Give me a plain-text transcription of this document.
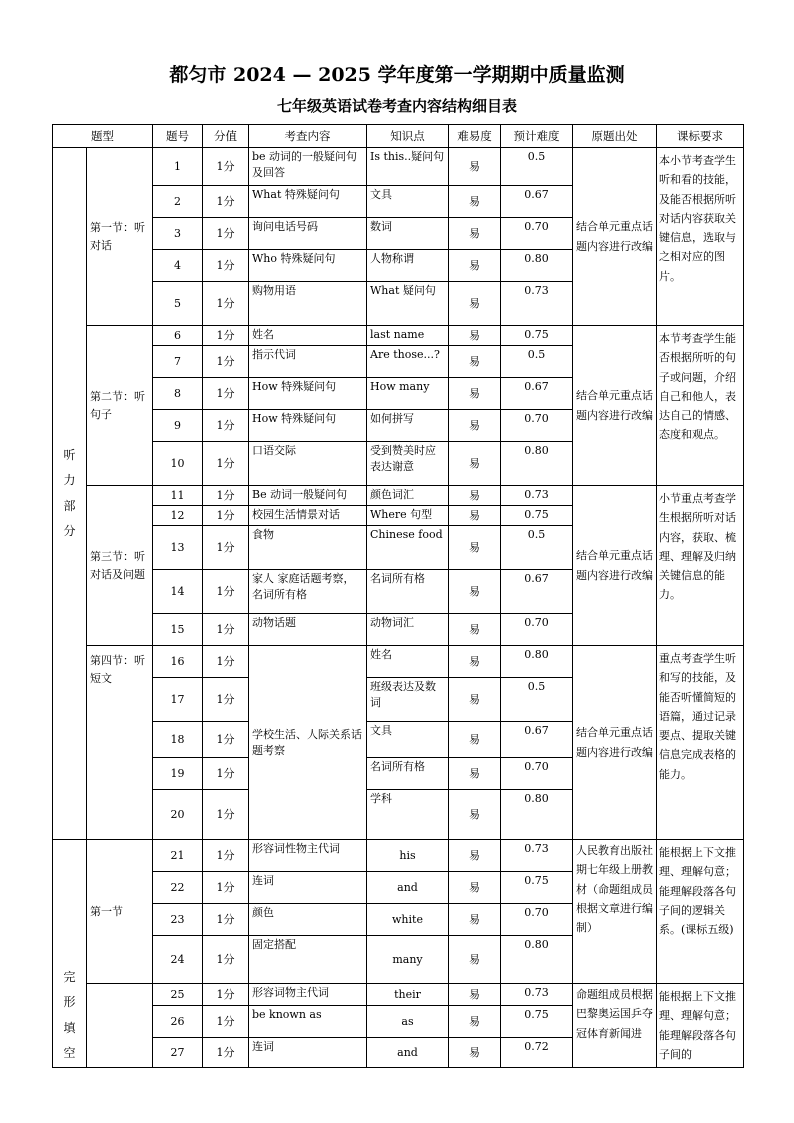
都匀市 2024 — 2025 学年度第一学期期中质量监测
七年级英语试卷考查内容结构细目表
题型		题号	分值	考查内容	知识点	难易度	预计难度	原题出处	课标要求
听力部分	第一节：听对话	1	1分	be 动词的一般疑问句及回答	Is this..疑问句	易	0.5	结合单元重点话题内容进行改编	本小节考查学生听和看的技能，及能否根据所听对话内容获取关键信息，选取与之相对应的图片。
		2	1分	What 特殊疑问句	文具	易	0.67		
		3	1分	询问电话号码	数词	易	0.70		
		4	1分	Who 特殊疑问句	人物称谓	易	0.80		
		5	1分	购物用语	What 疑问句	易	0.73		
	第二节：听句子	6	1分	姓名	last name	易	0.75	结合单元重点话题内容进行改编	本节考查学生能否根据所听的句子或问题，介绍自己和他人，表达自己的情感、态度和观点。
		7	1分	指示代词	Are those...?	易	0.5		
		8	1分	How 特殊疑问句	How many	易	0.67		
		9	1分	How 特殊疑问句	如何拼写	易	0.70		
		10	1分	口语交际	受到赞美时应表达谢意	易	0.80		
	第三节：听对话及问题	11	1分	Be 动词一般疑问句	颜色词汇	易	0.73	结合单元重点话题内容进行改编	小节重点考查学生根据所听对话内容，获取、梳理、理解及归纳关键信息的能力。
		12	1分	校园生活情景对话	Where 句型	易	0.75		
		13	1分	食物	Chinese food	易	0.5		
		14	1分	家人 家庭话题考察，名词所有格	名词所有格	易	0.67		
		15	1分	动物话题	动物词汇	易	0.70		
	第四节：听短文	16	1分	学校生活、人际关系话题考察	姓名	易	0.80	结合单元重点话题内容进行改编	重点考查学生听和写的技能，及能否听懂简短的语篇，通过记录要点、提取关键信息完成表格的能力。
		17	1分		班级表达及数词	易	0.5		
		18	1分		文具	易	0.67		
		19	1分		名词所有格	易	0.70		
		20	1分		学科	易	0.80		
完形填空	第一节	21	1分	形容词性物主代词	his	易	0.73	人民教育出版社期七年级上册教材（命题组成员根据文章进行编制）	能根据上下文推理、理解句意；能理解段落各句子间的逻辑关系。(课标五级)
		22	1分	连词	and	易	0.75		
		23	1分	颜色	white	易	0.70		
		24	1分	固定搭配	many	易	0.80		
		25	1分	形容词物主代词	their	易	0.73	命题组成员根据巴黎奥运国乒夺冠体育新闻进	能根据上下文推理、理解句意；能理解段落各句子间的
		26	1分	be known as	as	易	0.75		
		27	1分	连词	and	易	0.72		
